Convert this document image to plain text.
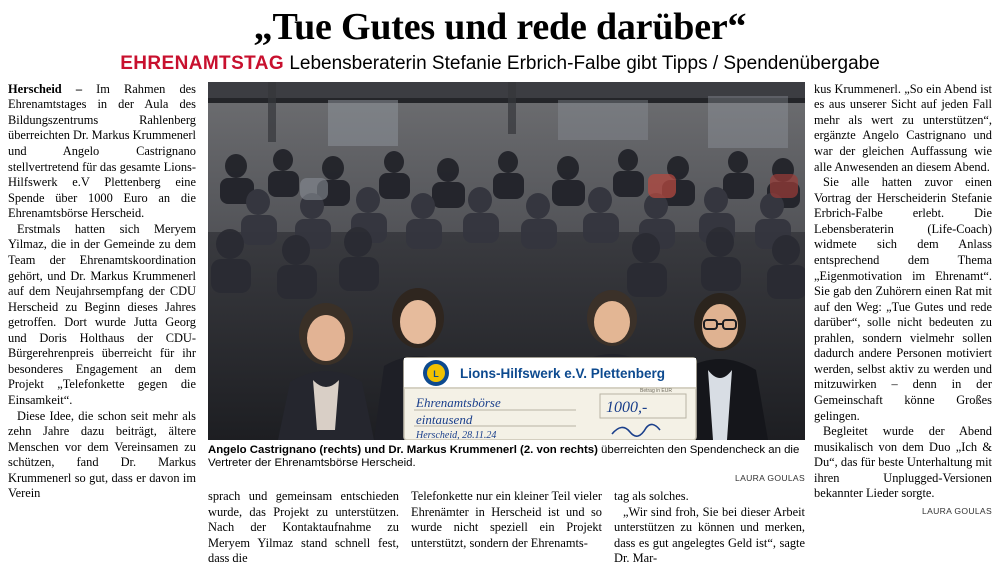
„Tue Gutes und rede darüber“
EHRENAMTSTAG Lebensberaterin Stefanie Erbrich-Falbe gibt Tipps / Spendenübergabe

Herscheid – Im Rahmen des Ehrenamtstages in der Aula des Bildungszentrums Rahlenberg überreichten Dr. Markus Krummenerl und Angelo Castrignano stellvertretend für das gesamte Lions-Hilfswerk e.V Plettenberg eine Spende über 1000 Euro an die Ehrenamtsbörse Herscheid.

Erstmals hatten sich Meryem Yilmaz, die in der Gemeinde zu dem Team der Ehrenamtskoordination gehört, und Dr. Markus Krummenerl auf dem Neujahrsempfang der CDU Herscheid zu Beginn dieses Jahres getroffen. Dort wurde Jutta Georg und Doris Holthaus der CDU-Bürgerehrenpreis überreicht für ihr besonderes Engagement an dem Projekt „Telefonkette gegen die Einsamkeit“.

Diese Idee, die schon seit mehr als zehn Jahre dazu beiträgt, ältere Menschen vor dem Vereinsamen zu schützen, fand Dr. Markus Krummenerl so gut, dass er davon im Verein

L Lions-Hilfswerk e.V. Plettenberg
Ehrenamtsbörse
eintausend
Herscheid, 28.11.24
1000,-
Betrag in EUR
Angelo Castrignano (rechts) und Dr. Markus Krummenerl (2. von rechts) überreichten den Spendencheck an die Vertreter der Ehrenamtsbörse Herscheid.
LAURA GOULAS

sprach und gemeinsam entschieden wurde, das Projekt zu unterstützen. Nach der Kontaktaufnahme zu Meryem Yilmaz stand schnell fest, dass die

Telefonkette nur ein kleiner Teil vieler Ehrenämter in Herscheid ist und so wurde nicht speziell ein Projekt unterstützt, sondern der Ehrenamts-

tag als solches.

„Wir sind froh, Sie bei dieser Arbeit unterstützen zu können und merken, dass es gut angelegtes Geld ist“, sagte Dr. Mar-

kus Krummenerl. „So ein Abend ist es aus unserer Sicht auf jeden Fall mehr als wert zu unterstützen“, ergänzte Angelo Castrignano und war der gleichen Auffassung wie alle Anwesenden an diesem Abend.

Sie alle hatten zuvor einen Vortrag der Herscheiderin Stefanie Erbrich-Falbe erlebt. Die Lebensberaterin (Life-Coach) widmete sich dem Anlass entsprechend dem Thema „Eigenmotivation im Ehrenamt“. Sie gab den Zuhörern einen Rat mit auf den Weg: „Tue Gutes und rede darüber“, solle nicht bedeuten zu prahlen, sondern vielmehr sollen dadurch andere Personen motiviert werden, selbst aktiv zu werden und mitzuwirken – denn in der Gemeinschaft könne Großes gelingen.

Begleitet wurde der Abend musikalisch von dem Duo „Ich & Du“, das für beste Unterhaltung mit ihren Unplugged-Versionen bekannter Lieder sorgte.

LAURA GOULAS
